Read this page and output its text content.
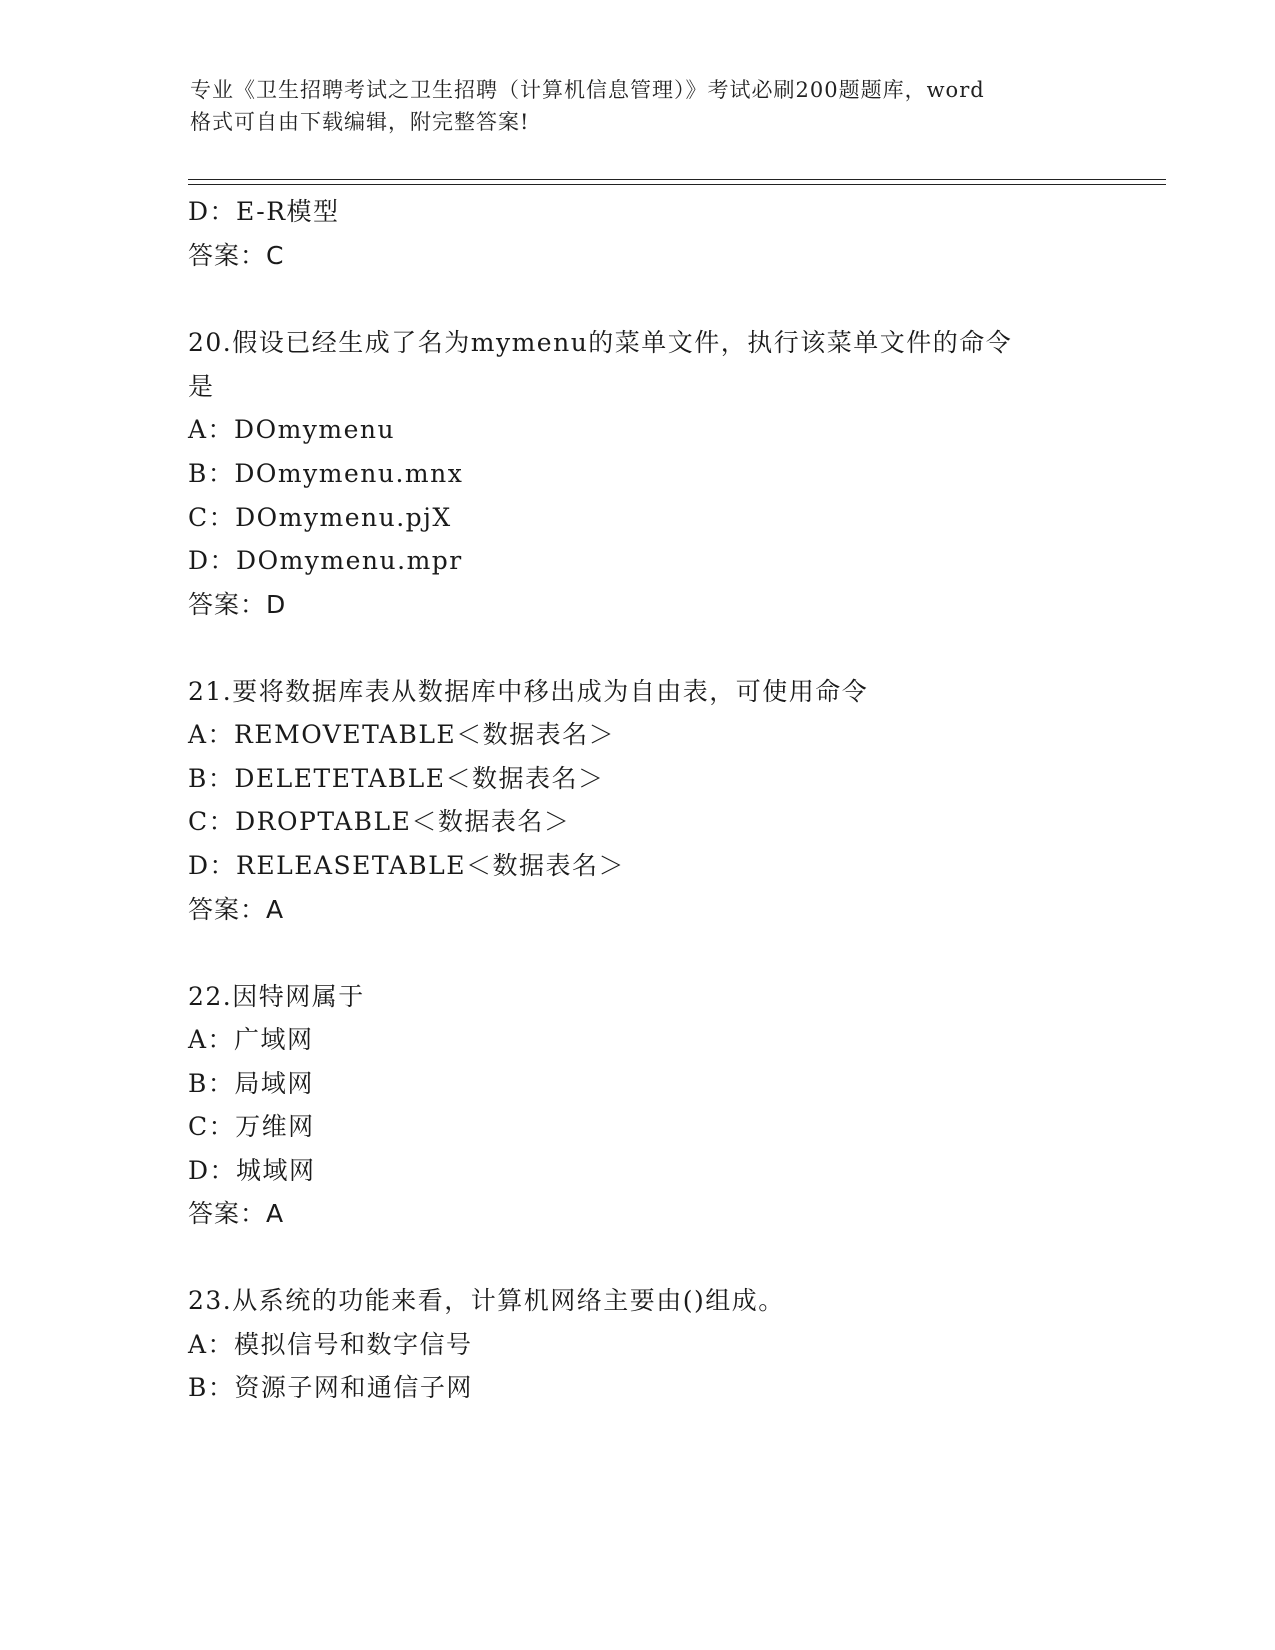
专业《卫生招聘考试之卫生招聘（计算机信息管理）》考试必刷200题题库，word
格式可自由下载编辑，附完整答案!
D：E-R模型
答案：C
20.假设已经生成了名为mymenu的菜单文件，执行该菜单文件的命令
是
A：DOmymenu
B：DOmymenu.mnx
C：DOmymenu.pjX
D：DOmymenu.mpr
答案：D
21.要将数据库表从数据库中移出成为自由表，可使用命令
A：REMOVETABLE＜数据表名＞
B：DELETETABLE＜数据表名＞
C：DROPTABLE＜数据表名＞
D：RELEASETABLE＜数据表名＞
答案：A
22.因特网属于
A：广域网
B：局域网
C：万维网
D：城域网
答案：A
23.从系统的功能来看，计算机网络主要由()组成。
A：模拟信号和数字信号
B：资源子网和通信子网
